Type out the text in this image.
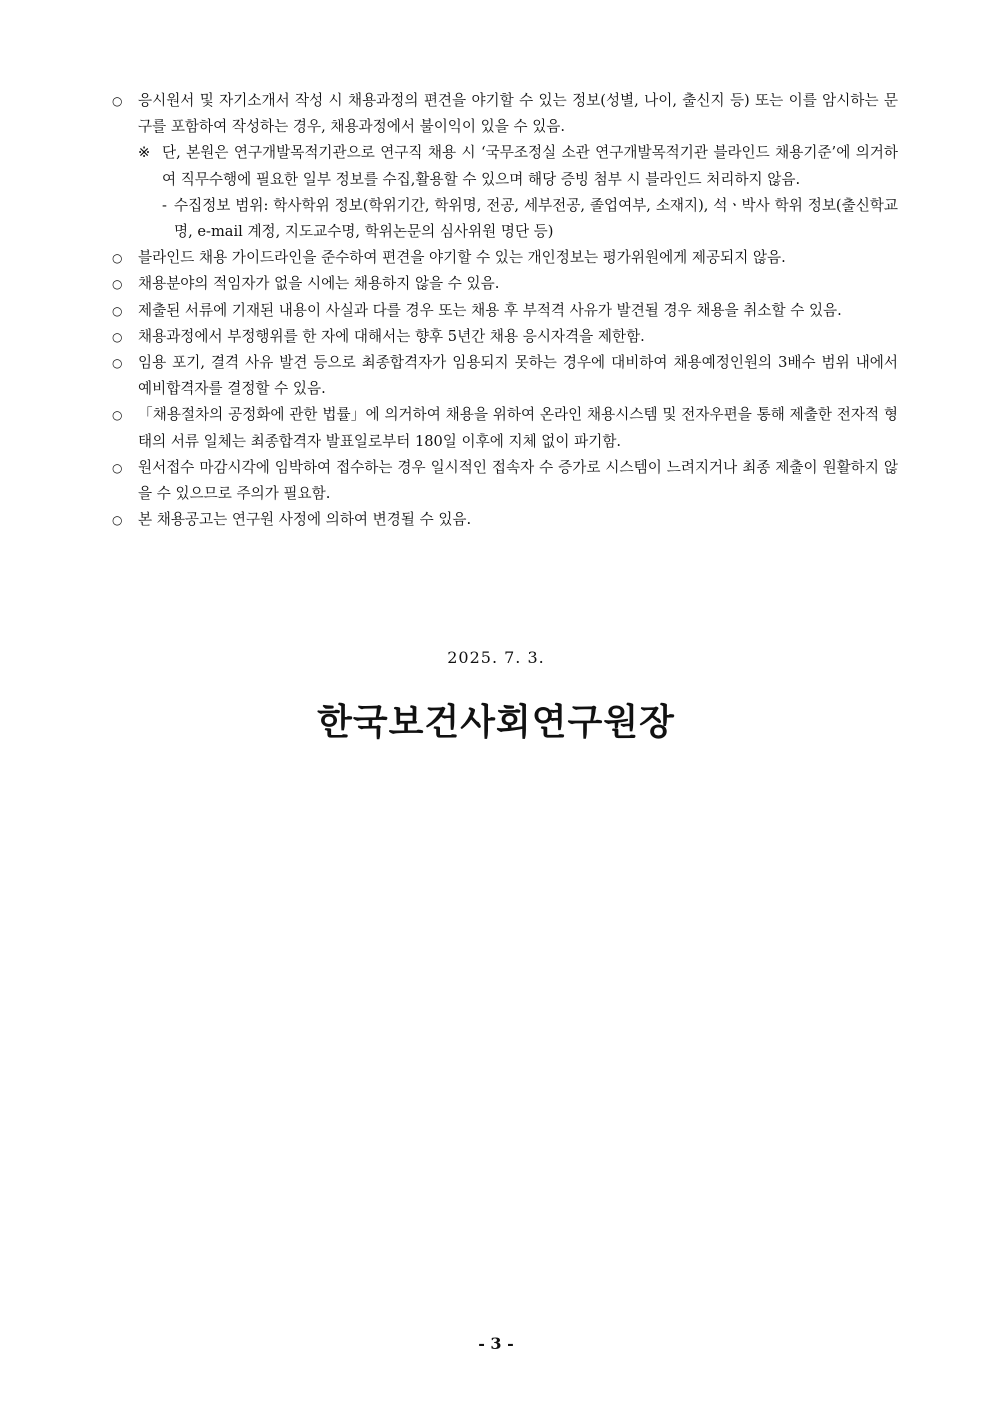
○ 응시원서 및 자기소개서 작성 시 채용과정의 편견을 야기할 수 있는 정보(성별, 나이, 출신지 등) 또는 이를 암시하는 문구를 포함하여 작성하는 경우, 채용과정에서 불이익이 있을 수 있음.
※ 단, 본원은 연구개발목적기관으로 연구직 채용 시 ‘국무조정실 소관 연구개발목적기관 블라인드 채용기준’에 의거하여 직무수행에 필요한 일부 정보를 수집,활용할 수 있으며 해당 증빙 첨부 시 블라인드 처리하지 않음.
- 수집정보 범위: 학사학위 정보(학위기간, 학위명, 전공, 세부전공, 졸업여부, 소재지), 석ㆍ박사 학위 정보(출신학교명, e-mail 계정, 지도교수명, 학위논문의 심사위원 명단 등)
○ 블라인드 채용 가이드라인을 준수하여 편견을 야기할 수 있는 개인정보는 평가위원에게 제공되지 않음.
○ 채용분야의 적임자가 없을 시에는 채용하지 않을 수 있음.
○ 제출된 서류에 기재된 내용이 사실과 다를 경우 또는 채용 후 부적격 사유가 발견될 경우 채용을 취소할 수 있음.
○ 채용과정에서 부정행위를 한 자에 대해서는 향후 5년간 채용 응시자격을 제한함.
○ 임용 포기, 결격 사유 발견 등으로 최종합격자가 임용되지 못하는 경우에 대비하여 채용예정인원의 3배수 범위 내에서 예비합격자를 결정할 수 있음.
○ 「채용절차의 공정화에 관한 법률」에 의거하여 채용을 위하여 온라인 채용시스템 및 전자우편을 통해 제출한 전자적 형태의 서류 일체는 최종합격자 발표일로부터 180일 이후에 지체 없이 파기함.
○ 원서접수 마감시각에 임박하여 접수하는 경우 일시적인 접속자 수 증가로 시스템이 느려지거나 최종 제출이 원활하지 않을 수 있으므로 주의가 필요함.
○ 본 채용공고는 연구원 사정에 의하여 변경될 수 있음.
2025. 7. 3.
한국보건사회연구원장
- 3 -
